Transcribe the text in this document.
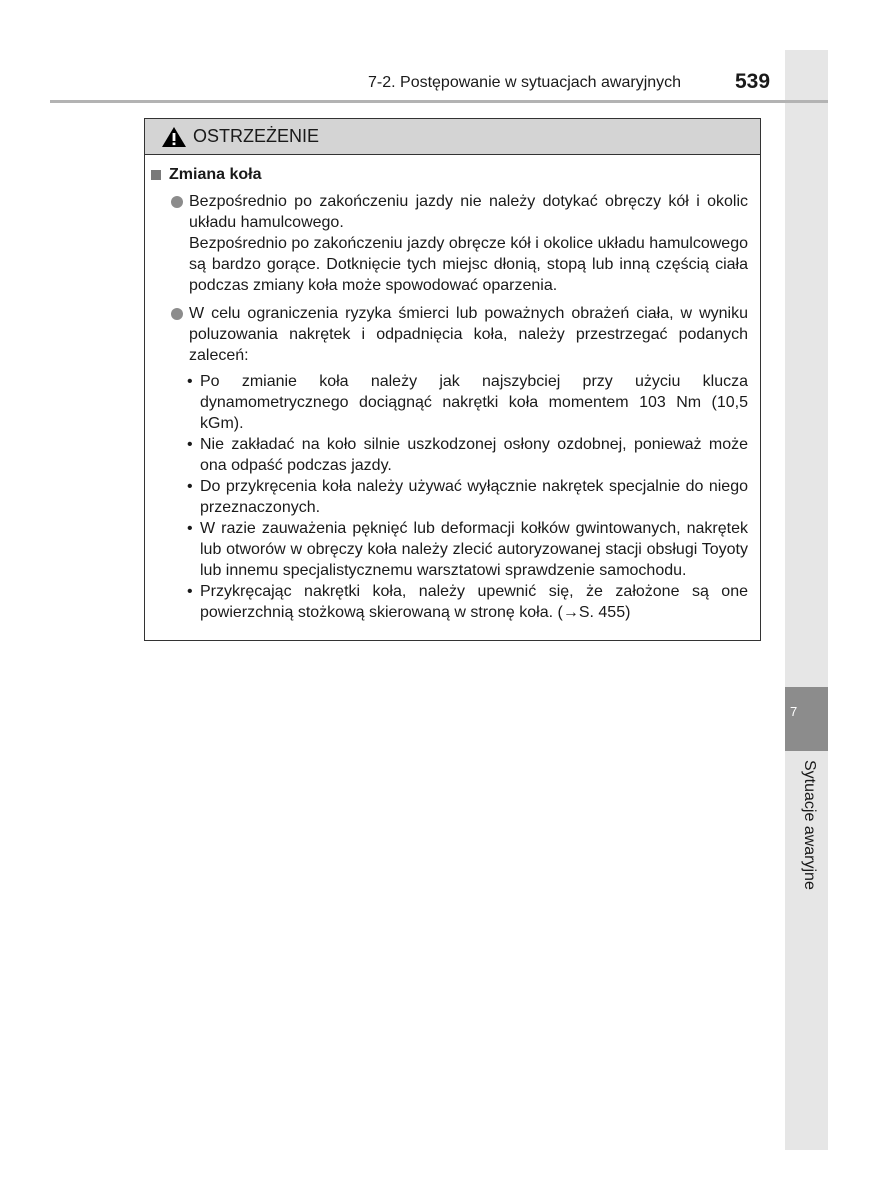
7
Sytuacje awaryjne
7-2. Postępowanie w sytuacjach awaryjnych	539
OSTRZEŻENIE
Zmiana koła

Bezpośrednio po zakończeniu jazdy nie należy dotykać obręczy kół i okolic układu hamulcowego.

Bezpośrednio po zakończeniu jazdy obręcze kół i okolice układu hamulcowego są bardzo gorące. Dotknięcie tych miejsc dłonią, stopą lub inną częścią ciała podczas zmiany koła może spowodować oparzenia.

W celu ograniczenia ryzyka śmierci lub poważnych obrażeń ciała, w wyniku poluzowania nakrętek i odpadnięcia koła, należy przestrzegać podanych zaleceń:

• Po zmianie koła należy jak najszybciej przy użyciu klucza dynamometrycznego dociągnąć nakrętki koła momentem 103 Nm (10,5 kGm).
• Nie zakładać na koło silnie uszkodzonej osłony ozdobnej, ponieważ może ona odpaść podczas jazdy.
• Do przykręcenia koła należy używać wyłącznie nakrętek specjalnie do niego przeznaczonych.
• W razie zauważenia pęknięć lub deformacji kołków gwintowanych, nakrętek lub otworów w obręczy koła należy zlecić autoryzowanej stacji obsługi Toyoty lub innemu specjalistycznemu warsztatowi sprawdzenie samochodu.
• Przykręcając nakrętki koła, należy upewnić się, że założone są one powierzchnią stożkową skierowaną w stronę koła. (→S. 455)
